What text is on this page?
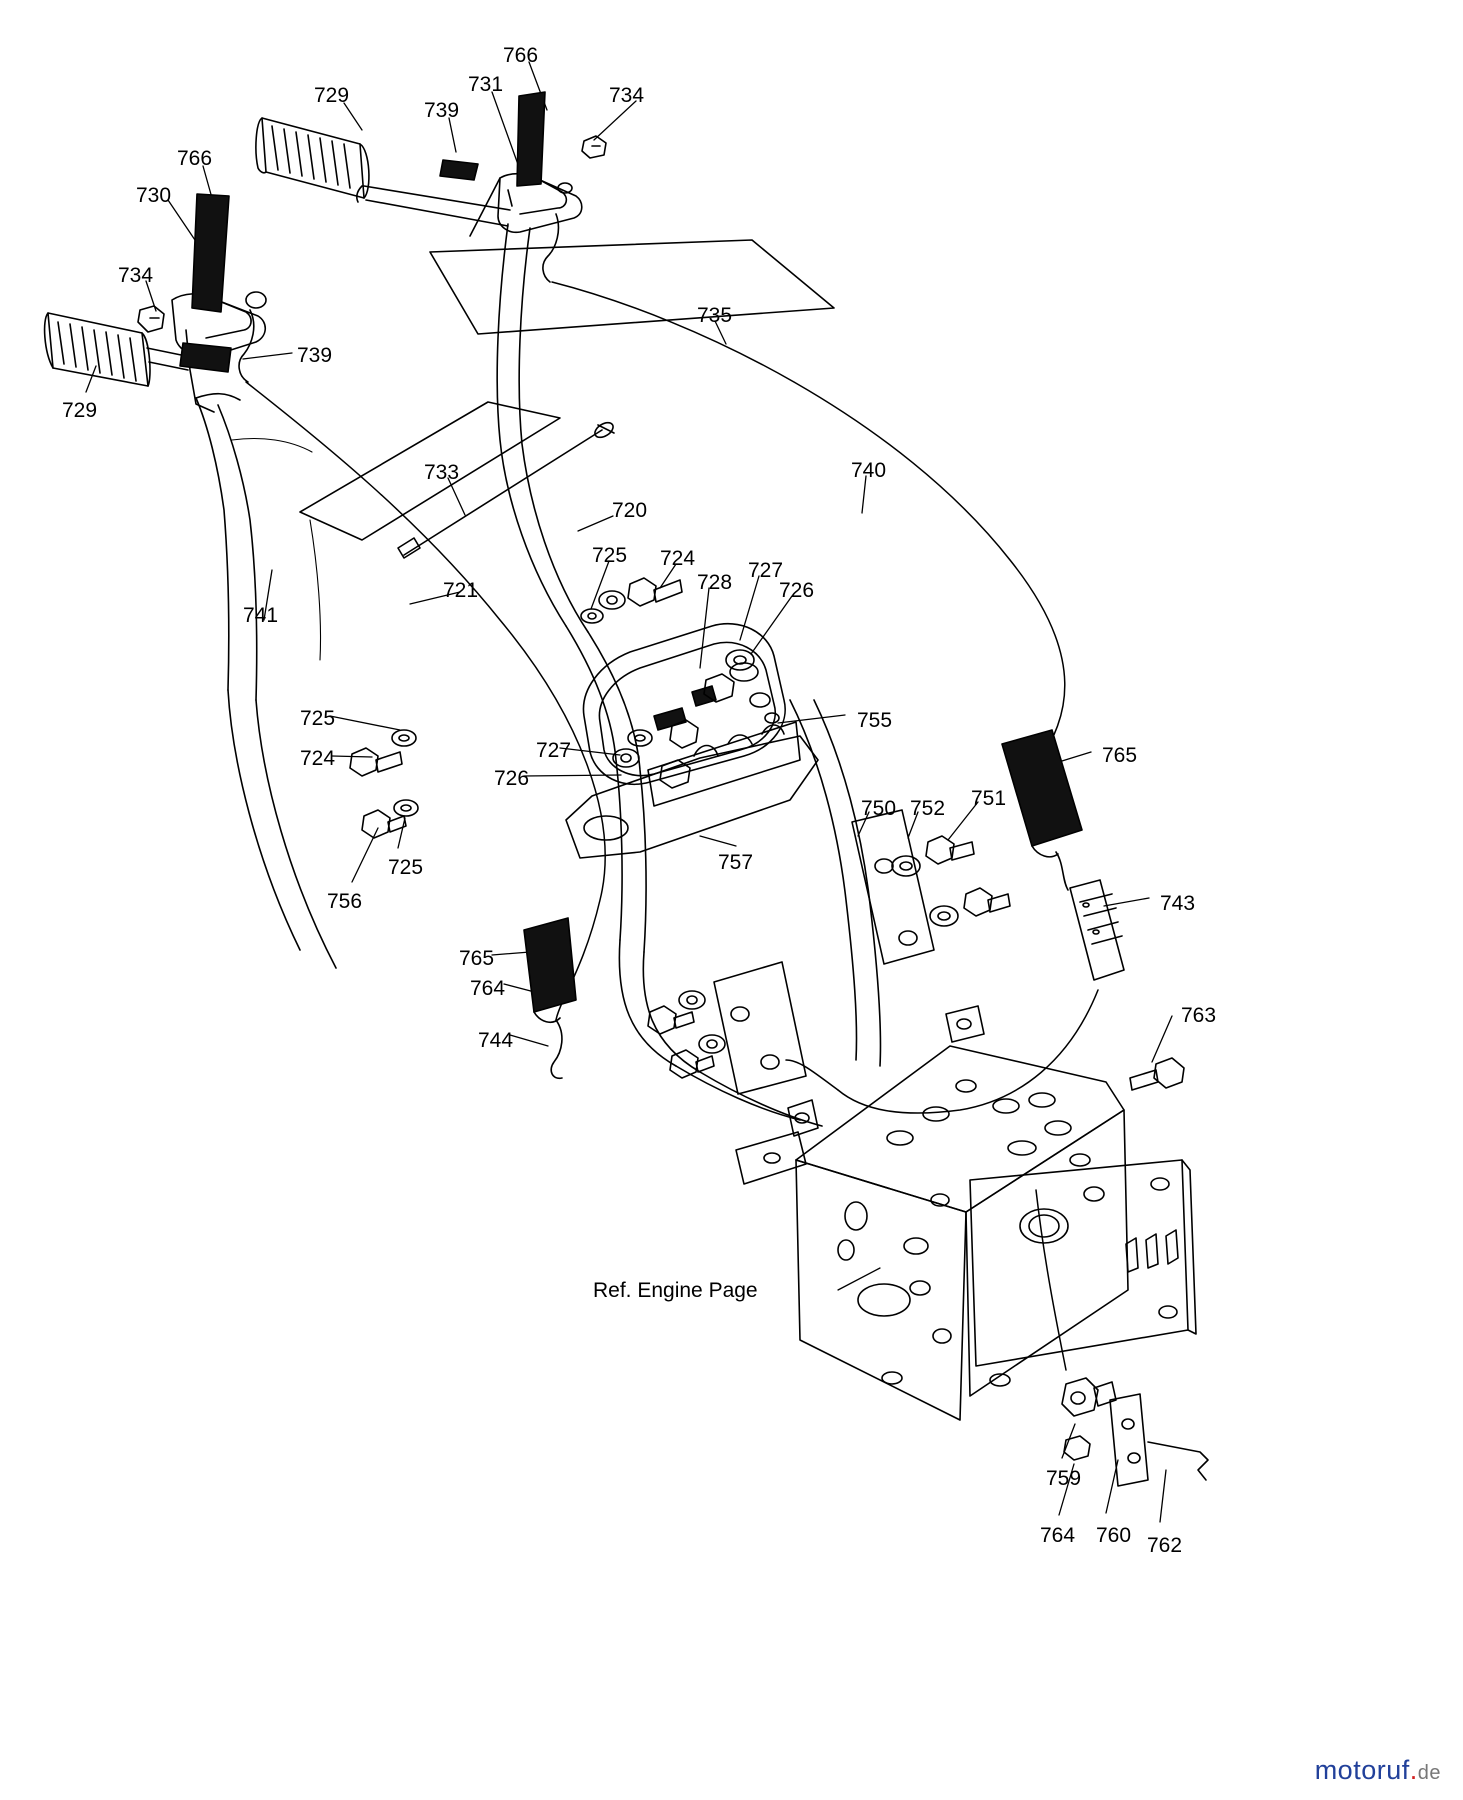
766
731	734
729
739
766
730
734
735
739
729
740
733
720
725 724
721	728
727
726
741
755
725
727
724
726
765
750 752 751
725	757
756	743
765
764
763
744
759
764 760 762
Ref. Engine Page
motoruf.de
